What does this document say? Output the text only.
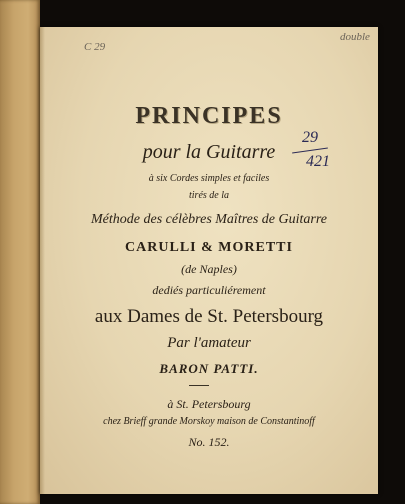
C 29
double
29
421
PRINCIPES
pour la Guitarre
à six Cordes simples et faciles
tirés de la
Méthode des célèbres Maîtres de Guitarre
CARULLI & MORETTI
(de Naples)
dediés particuliérement
aux Dames de St. Petersbourg
Par l'amateur
BARON PATTI.
à St. Petersbourg
chez Brieff grande Morskoy maison de Constantinoff
No. 152.
